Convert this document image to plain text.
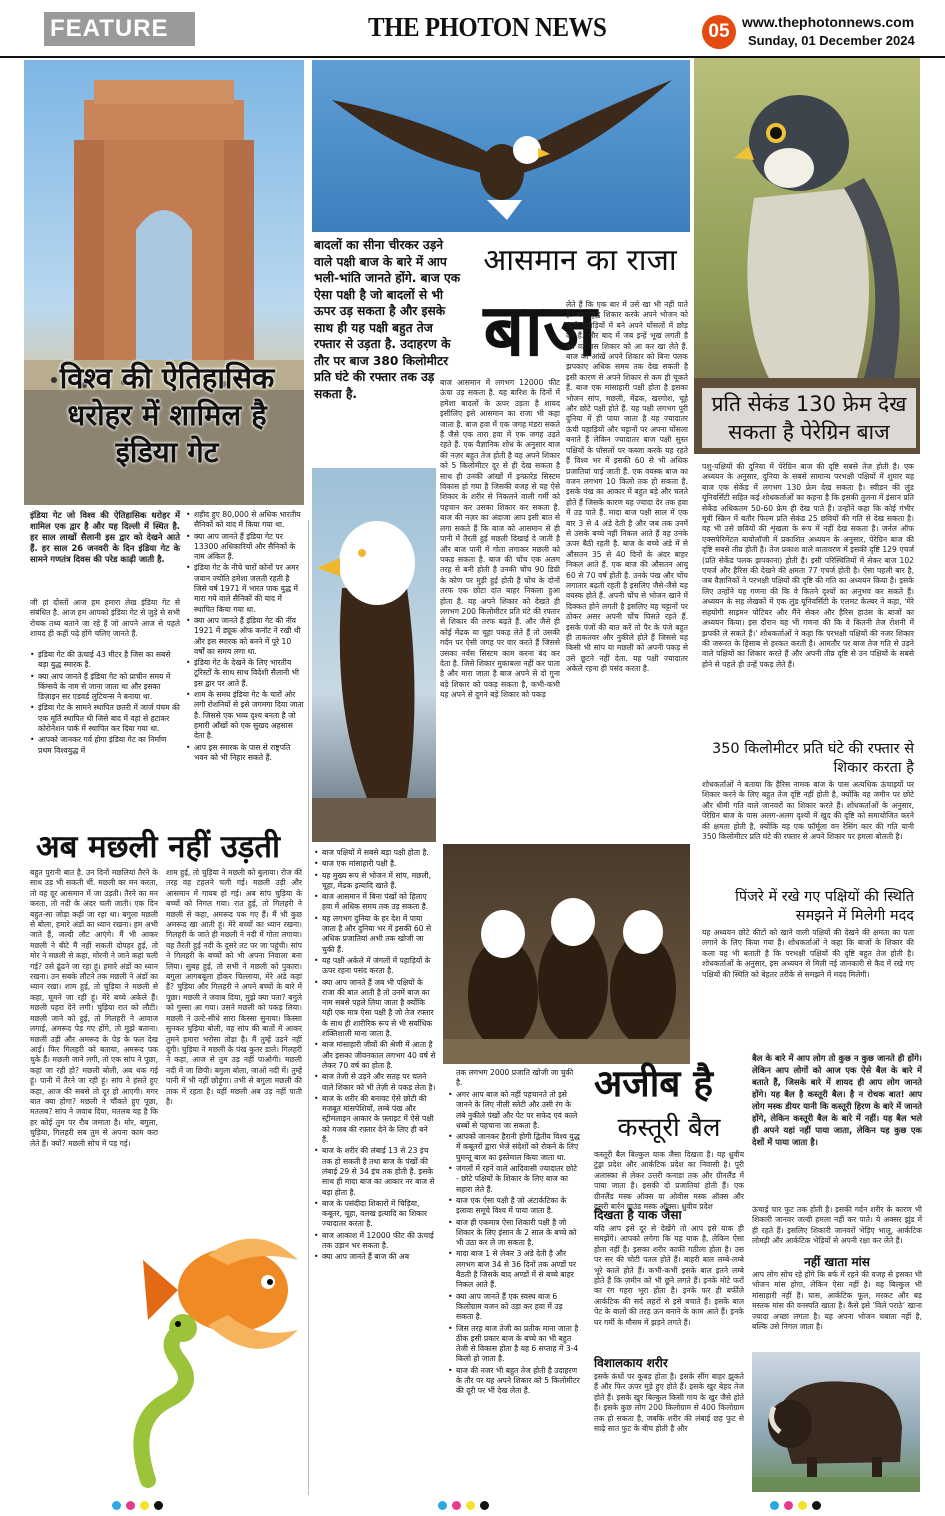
FEATURE	THE PHOTON NEWS	05 www.thephotonnews.com
Sunday, 01 December 2024
विश्व की ऐतिहासिक धरोहर में शामिल है इंडिया गेट
इंडिया गेट जो विश्व की ऐतिहासिक धरोहर में शामिल एक द्वार है और यह दिल्ली में स्थित है. हर साल लाखों सैलानी इस द्वार को देखने आते हैं. हर साल 26 जनवरी के दिन इंडिया गेट के सामने गणतंत्र दिवस की परेड काढ़ी जाती है.
जी हां दोस्तों आज हम हमारा लेख इंडिया गेट से संबंधित है. आज हम आपको इंडिया गेट से जुड़े से सभी रोचक तथ्य बताने जा रहे हैं जो आपने आज से पहले शायद ही कहीं पढ़े होंगे चलिए जानते हैं.
• इंडिया गेट की ऊंचाई 43 मीटर है जिस का सबसे बड़ा युद्ध स्मारक है.
• क्या आप जानते हैं इंडिया गेट को प्राचीन समय में किंग्सवे के नाम से जाना जाता था और इसका डिज़ाइन सर एडवर्ड लुटियन्स ने बनाया था.
• इंडिया गेट के सामने स्थापित छतरी में जार्ज पंचम की एक मूर्ति स्थापित थी जिसे बाद में वहां से हटाकर कोरोनेशन पार्क में स्थापित कर दिया गया था.
• आपको जानकर गर्व होगा इंडिया गेट का निर्माण प्रथम विश्वयुद्ध में
• शहीद हुए 80,000 से अधिक भारतीय सैनिकों को याद में किया गया था.
• क्या आप जानते हैं इंडिया गेट पर 13300 अधिकारियों और सैनिकों के नाम अंकित हैं.
• इंडिया गेट के नीचे चारों कोनों पर अमर जवान ज्योति हमेशा जलती रहती है जिसे वर्ष 1971 में भारत पाक युद्ध में मारा गये वाले सैनिकों की याद में स्थापित किया गया था.
• क्या आप जानते हैं इंडिया गेट की नींव 1921 में ड्यूक ऑफ कनॉट ने रखी थी और इस स्मारक को बनने में पूरे 10 वर्षों का समय लगा था.
• इंडिया गेट के देखने के लिए भारतीय टूरिस्टों के साथ साथ विदेशी सैलानी भी इस द्वार पर आते हैं.
• शाम के समय इंडिया गेट के चारों ओर लगी रोशनियों से इसे जगमगा दिया जाता है. जिससे एक भव्य दृश्य बनता है जो हमारी आँखों को एक सुखद अहसास देता है.
• आप इस स्मारक के पास से राष्ट्रपति भवन को भी निहार सकते हैं.
अब मछली नहीं उड़ती
बहुत पुरानी बात है. उन दिनों मछलियां तैरने के साथ उड़ भी सकती थीं. मछली का मन करता, तो वह दूर आसमान में जा उड़ती। तैरने का मन करता, तो नदी के अंदर चली जाती। एक दिन बहुत-सा जोड़ा कहीं जा रहा था। बगुला मछली से बोला, हमारे अंडों का ध्यान रखना। हम अभी जाते हैं, जल्दी लौट आएंगे। मैं भी आकर मछली ने बीटे मैं नहीं सकती दोपहर हुई, तो मोर ने मछली से कहा, मोरनी ने जाने कहां चली गई? उसे ढूंढने जा रहा हूं। हमारे अंडों का ध्यान रखना। उन सबके लौटने तक मछली ने अंडों का ध्यान रखा। शाम हुई, तो चुड़िया ने मछली से कहा, घूमने जा रही हूं। मेरे बच्चे अकेले हैं। मछली पहरा देने लगी। चुड़िया रात को लौटी। मछली जाने को हुई, तो गिलहरी ने आवाज लगाई, अमरूद पेड़ गए होंगे, तो मुझे बताना। मछली उड़ी और अमरूद के पेड़ के फल देख आई। फिर गिलहरी को बताया, अमरूद पक चुके हैं। मछली जाने लगी, तो एक सांप ने पूछा, कहां जा रही हो? मछली बोली, अब थक गई हूं। पानी में तैरने जा रही हूं। सांप ने हंसते हुए कहा, आज की सबसे तो दूर हो आएगी। मगर बात क्या होगा? मछली ने चौंकते हुए पूछा, मतलब? सांप ने जवाब दिया, मतलब यह है कि हर कोई तुम पर रौब जमाता है। मोर, बगुला, चुड़िया, गिलहरी सब तुम से अपना काम करा लेते हैं। क्यों? मछली सोच में पड़ गई।
शाम हुई, तो चुड़िया ने मछली को बुलाया। रोज की तरह वह टहलने चली गई। मछली उड़ी और आसमान में गायब हो गई। अब सांप चुड़िया के बच्चों को निगल गया। रात हुई, तो गिलहरी ने मछली से कहा, अमरूद पक गए हैं। मैं भी कुछ अमरूद खा आती हूं। मेरे बच्चों का ध्यान रखना। गिलहरी के जाते ही मछली ने नदी में गोता लगाया। वह तैरती हुई नदी के दूसरे तट पर जा पहुंची। सांप ने गिलहरी के बच्चों को भी अपना निवाला बना लिया। सुबह हुई, तो सभी ने मछली को पुकारा। बगुला आगबबूला होकर चिल्लाया, मेरे अंडे कहां हैं? चुड़िया और गिलहरी ने अपने बच्चों के बारे में पूछा। मछली ने जवाब दिया, मुझे क्या पता? बगुले को गुस्सा आ गया। उसने मछली को पकड़ लिया। मछली ने उल्टे-सीधे सारा किस्सा सुनाया। किस्सा सुनकर चुड़िया बोली, वह सांप की बातों में आकर तुमने हमारा भरोसा तोड़ा है। मैं तुम्हें उड़ने नहीं दूंगी। चुड़िया ने मछली के पंख कुतर डाले। गिलहरी ने कहा, आज से तुम उड़ नहीं पाओगी। मछली नदी में जा छिपी। बगुला बोला, जाओ नदी में। तुम्हें पानी में भी नहीं छोड़ूंगा। तभी से बगुला मछली की ताक में रहता है। वहीं मछली अब उड़ नहीं पाती है।
बादलों का सीना चीरकर उड़ने वाले पक्षी बाज के बारे में आप भली-भांति जानते होंगे. बाज एक ऐसा पक्षी है जो बादलों से भी ऊपर उड़ सकता है और इसके साथ ही यह पक्षी बहुत तेज रफ्तार से उड़ता है. उदाहरण के तौर पर बाज 380 किलोमीटर प्रति घंटे की रफ्तार तक उड़ सकता है.
आसमान का राजा
बाज
बाज आसमान में लगभग 12000 फीट ऊंचा उड़ सकता है. यह बारिश के दिनों में हमेशा बादलों के ऊपर उड़ता है शायद इसीलिए इसे आसमान का राजा भी कहा जाता है. बाज हवा में एक जगह मंडरा सकते हैं जैसे एक तारा हवा में एक जगह उड़ते रहते हैं. एक वैज्ञानिक शोध के अनुसार बाज की नज़र बहुत तेज होती है यह अपने शिकार को 5 किलोमीटर दूर से ही देख सकता है साथ ही उनकी आंखों में इन्फ्रारेड सिस्टम विकास हो गया है जिसकी वजह से यह ऐसे शिकार के शरीर से निकलने वाली गर्मी को पहचान कर उसका शिकार कर सकता है. बाज की नज़र का अंदाजा आप इसी बात से लगा सकते हैं कि बाज को आसमान से ही पानी में तैरती हुई मछली दिखाई दे जाती है और बाज पानी में गोता लगाकर मछली को पकड़ सकता है. बाज की चोंच एक अलग तरह से बनी होती है उनकी चोंच 90 डिग्री के कोण पर मुड़ी हुई होती है चोंच के दोनों तरफ एक छोटा दांत बाहर निकला हुआ होता है. यह अपने शिकार को देखते ही लगभग 200 किलोमीटर प्रति घंटे की रफ्तार से शिकार की तरफ बढ़ते हैं. और जैसे ही कोई मेंढक या चूहा पकड़ लेते हैं तो उसकी गर्दन पर ऐसी जगह पर वार करते हैं जिससे उसका नर्वस सिस्टम काम करना बंद कर देता है. जिसे शिकार मुकाबला नहीं कर पाता है और मारा जाता है बाज अपने से दो गुना बड़े शिकार को पकड़ सकता है, कभी-कभी यह अपने से दुगने बड़े शिकार को पकड़
लेते हैं कि एक बार में उसे खा भी नहीं पाते हैं. अंधड़वृद्ध शिकार करके अपने भोजन को ऊंची पहाड़ियों में बने अपने घोंसलों में छोड़ देते हैं. और बाद में जब इन्हें भूख लगती है तब वह उस शिकार को आ कर खा लेते हैं. बाज की आंखें अपने शिकार को बिना पलक झपकाए अधिक समय तक देख सकती है इसी कारण से अपने शिकार से कम ही चूकते हैं. बाज एक मांसाहारी पक्षी होता है इसका भोजन सांप, मछली, मेंढक, खरगोश, चूहे और छोटे पक्षी होते हैं. यह पक्षी लगभग पूरी दुनिया में ही पाया जाता है यह ज्यादातर ऊंची पहाड़ियों और चट्टानों पर अपना घोंसला बनाते हैं लेकिन ज्यादातर बाज पक्षी सुस्त पक्षियों के घोंसलों पर कब्जा करके यह रहते हैं विश्व भर में इसकी 60 से भी अधिक प्रजातियां पाई जाती हैं. एक वयस्क बाज का वजन लगभग 10 किलो तक हो सकता है. इसके पंख का आकार में बहुत बड़े और चलते होते हैं जिसके कारण यह ज्यादा देर तक हवा में उड़ पाते हैं. मादा बाज पक्षी साल में एक बार 3 से 4 अंडे देती है और जब तक उनमें से उसके बच्चे नहीं निकल आते हैं वह उनके ऊपर बैठी रहती है. बाज के बच्चे अंडे में से औसतन 35 से 40 दिनों के अंदर बाहर निकल आते हैं. एक बाज की औसतन आयु 60 से 70 वर्ष होती है. उनके पंख और चोंच लगातार बढ़ती रहती है इसलिए जैसे-जैसे यह वयस्क होते हैं. अपनी चोंच से भोजन खाने में दिक्कत होने लगती है इसलिए यह चट्टानों पर ठोकर असर अपनी चोंच घिसते रहते हैं. इसके पंजों की बात करें तो पैर के पंजे बहुत ही ताकतवर और नुकीले होते हैं जिससे यह किसी भी सांप या मछली को अपनी पकड़ से उसे छूटने नहीं देता. यह पक्षी ज्यादातर अकेले रहना ही पसंद करता है.
• बाज पक्षियों में सबसे बड़ा पक्षी होता है.
• बाज एक मांसाहारी पक्षी है.
• यह मुख्य रूप से भोजन में सांप, मछली, चूहा, मेंढक इत्यादि खाते हैं.
• बाज आसमान में बिना पंखों को हिलाए हवा में अधिक समय तक उड़ सकता है.
• यह लगभग दुनिया के हर देश में पाया जाता है और दुनिया भर में इसकी 60 से अधिक प्रजातियां अभी तक खोजी जा चुकी हैं.
• यह पक्षी अकेले में जंगलों में पहाड़ियों के ऊपर रहना पसंद करता है.
• क्या आप जानते हैं जब भी पक्षियों के राजा की बात आती है तो उनमें बाज का नाम सबसे पहले लिया जाता है क्योंकि यही एक मात्र ऐसा पक्षी है जो तेज रफ्तार के साथ ही शारीरिक रूप से भी सर्वाधिक शक्तिशाली माना जाता है.
• बाज मांसाहारी जीवों की श्रेणी में आता है और इसका जीवनकाल लगभग 40 वर्ष से लेकर 70 वर्ष का होता है.
• बाज तेजी से उड़ने और सतह पर चलने वाले शिकार को भी तेज़ी से पकड़ लेता है।
• बाज के शरीर की बनावट ऐसे छोटी की मजबूत मांसपेशियों, लम्बे पंख और स्ट्रीमलाइन आकार के फ़्लाइट में ऐसे पक्षी को गजब की रफ़्तार देने के लिए ही बने हैं.
• बाज के शरीर की लंबाई 13 से 23 इंच तक हो सकती है तथा बाज के पंखों की लंबाई 29 से 34 इंच तक होती है. इसके साथ ही मादा बाज का आकार नर बाज से बड़ा होता है.
• बाज के पसंदीदा शिकारों में चिड़िया, कबूतर, चूहा, वलख इत्यादि का शिकार ज्यादातर करता है.
• बाज आकाश में 12000 फीट की ऊंचाई तक उड़ान भर सकता है.
• क्या आप जानते हैं बाज की अब
तक लगभग 2000 प्रजाति खोजी जा चुकी है.
• अगर आप बाज को नहीं पहचानते तो इसे जानने के लिए नीली स्लेटी और उसी रंग के लंबे नुकीले पंखों और पेट पर सफेद एवं काले धब्बों से पहचाना जा सकता है.
• आपको जानकर हैरानी होगी द्वितीय विश्व युद्ध में कबूतरों द्वारा भेजे संदेशों को रोकने के लिए घुमन्तू बाज का इस्तेमाल किया जाता था.
• जंगलों में रहने वाले आदिवासी ज्यादातर छोटे - छोटे पक्षियों के शिकार के लिए बाज का सहारा लेते हैं.
• बाज एक ऐसा पक्षी है जो अंटार्कटिका के इलावा समूचे विश्व में पाया जाता है.
• बाज ही एकमात्र ऐसा शिकारी पक्षी है जो शिकार के लिए इंसान के 2 साल के बच्चे को भी उठा कर ले जा सकता है.
• मादा बाज 1 से लेकर 3 अंडे देती है और लगभग बाज 34 से 36 दिनों तक अण्डों पर बैठती है जिसके बाद अण्डों में से बच्चे बाहर निकल आते हैं.
• क्या आप जानते हैं एक स्वस्थ बाज 6 किलोग्राम वजन को उड़ा कर हवा में उड़ सकता है.
• जिस तरह बाज तेजी का प्रतीक माना जाता है ठीक इसी प्रकार बाज के बच्चे का भी बहुत तेजी से विकास होता है यह 6 सप्ताह में 3-4 किलो हो जाता है.
• बाज की नजर भी बहुत तेज होती है उदाहरण के तौर पर यह अपने शिकार को 5 किलोमीटर की दूरी पर भी देख लेता है.
प्रति सेकंड 130 फ्रेम देख सकता है पेरेग्रिन बाज
पशु-पक्षियों की दुनिया में पेरेग्रिन बाज की दृष्टि सबसे तेज होती है। एक अध्ययन के अनुसार, दुनिया के सबसे सामान्य परभक्षी पक्षियों में शुमार यह बाज एक सेकेंड में लगभग 130 फ्रेम देख सकता है। स्वीडन की लुंड यूनिवर्सिटी सहित कई शोधकर्ताओं का कहना है कि इसकी तुलना में इंसान प्रति सेकेंड अधिकतम 50-60 फ्रेम ही देख पाते हैं। उन्होंने कहा कि कोई गंभीर मूवी स्क्रिन में बतौर फिल्म प्रति सेकंड 25 छवियों की गति से देख सकता है। वह भी उसे छवियों की शृंखला के रूप में नहीं देख सकता है। जर्नल ऑफ एक्सपेरिमेंटल बायोलॉजी में प्रकाशित अध्ययन के अनुसार, पेरेग्रिन बाज की दृष्टि सबसे तीव्र होती है। तेज प्रकाश वाले वातावरण में इसकी दृष्टि 129 एचर्ज (प्रति सेकेंड पलक झपकाना) होती है। इसी परिस्थितियों में सेकर बाज 102 एचर्ज और हैरिस की देखने की क्षमता 77 एचर्ज होती है। ऐसा पहली बार है, जब वैज्ञानिकों ने परभक्षी पक्षियों की दृष्टि की गति का अध्ययन किया है। इसके लिए उन्होंने यह गणना की कि वे कितने दृश्यों का अनुभव कर सकते हैं। अध्ययन के सह लेखकों में एक लुंड यूनिवर्सिटी के एलमट केल्बर ने कहा, 'मेरे सहयोगी साइमन पोटियर और मैंने सेकर और हैरिस हाउंस के बाजों का अध्ययन किया। इस दौरान यह भी गणना की कि वे कितनी तेज रोशनी में झपकी ले सकते हैं।' शोधकर्ताओं ने कहा कि परभक्षी पक्षियों की नजर शिकार की जरूरत के हिसाब से हरकत करती है। आमतौर पर बाज तेज गति से उड़ने वाले पक्षियों का शिकार करते हैं और अपनी तीव्र दृष्टि से उन पक्षियों के सबसे होने से पहले ही उन्हें पकड़ लेते हैं।
350 किलोमीटर प्रति घंटे की रफ्तार से शिकार करता है
शोधकर्ताओं ने बताया कि हैरिस नामक बाज के पास अत्यधिक ऊंचाइयों पर शिकार करने के लिए बहुत तेज दृष्टि नहीं होती है, क्योंकि वह जमीन पर छोटे और धीमी गति वाले जानवरों का शिकार करते हैं। शोधकर्ताओं के अनुसार, पेरेग्रिन बाज के पास अलग-अलग दृश्यों में खुद की दृष्टि को समायोजित करने की क्षमता होती है, क्योंकि यह एक फॉर्मूला वन रेसिंग कार की गति यानी 350 किलोमीटर प्रति घंटे की रफ्तार से अपने शिकार पर हमला बोलती है।
पिंजरे में रखे गए पक्षियों की स्थिति समझने में मिलेगी मदद
यह अध्ययन छोटे कीटों को खाने वाली पक्षियों की देखने की क्षमता का पता लगाने के लिए किया गया है। शोधकर्ताओं ने कहा कि बाजों के शिकार की कला यह भी बताती है कि परभक्षी पक्षियों की दृष्टि बहुत तेज होती है। शोधकर्ताओं के अनुसार, इस अध्ययन से मिली नई जानकारी से कैद में रखे गए पक्षियों की स्थिति को बेहतर तरीके से समझने में मदद मिलेगी।
अजीब है
कस्तूरी बैल
बैल के बारे में आप लोग तो कुछ न कुछ जानते ही होंगे। लेकिन आप लोगों को आज एक ऐसे बैल के बारे में बताते हैं, जिसके बारे में शायद ही आप लोग जानते होंगे। यह बैल है कस्तूरी बैल। है न रोचक बात! आप लोग मस्क डीयर यानी कि कस्तूरी हिरण के बारे में जानते होंगे, लेकिन कस्तूरी बैल के बारे में नहीं। यह बैल भले ही अपने यहां नहीं पाया जाता, लेकिन यह कुछ एक देशों में पाया जाता है।
कस्तूरी बैल बिल्कुल याक जैसा दिखता है। यह ध्रुवीय टुंड्रा प्रदेश और आर्कटिक प्रदेश का निवासी है। पूरी अलास्का से लेकर उत्तरी कनाडा तक और ग्रीनलैंड में पाया जाता है। इसकी दो प्रजातियां होती हैं। एक ग्रीनलैंड मस्क ऑक्स या ओवीस मस्क ऑक्स और दूसरी बार्रन ग्राउंड मस्क ऑक्स। ध्रुवीय प्रदेश
दिखता है याक जैसा
यदि आप इसे दूर से देखेंगे तो आप इसे याक ही समझेंगे। आपको लगेगा कि यह याक है, लेकिन ऐसा होता नहीं है। इसका शरीर काफी गठीला होता है। उस पर सर की चोटी पतल होते हैं। बाहरी बाल लम्बे-लम्बे भूरे काले होते हैं। कभी-कभी इसके बाल इतने लम्बे होते हैं कि ज़मीन को भी छूने लगते हैं। इनके मोटे फरों का रंग गहरा भूरा होता है। इनके फर ही बर्फीले आर्कटिक की सर्द लहरों से इसे बचाते हैं। इसके बाल पेट के बालों की तरह ऊन बनाने के काम आते हैं। इनके घर गर्मी के मौसम में झड़ने लगते हैं।
विशालकाय शरीर
इसके कंधों पर कूबड़ होता है। इसके सींग बाहर झुकते हैं और फिर ऊपर मुड़े हुए होते हैं। इसके खुर बेहद तेज होते हैं। इसके खुर बिल्कुल किसी गाय के खुर जैसे होते हैं। इसके कुछ लोग 200 किलोग्राम से 400 किलोग्राम तक हो सकता है, जबकि शरीर की लंबाई छह फुट से साढ़े सात फुट के बीच होती है और
ऊंचाई चार फुट तक होती है। इसकी गर्दन शरीर के कारण भी शिकारी जानवर जल्दी हमला नहीं कर पाते। ये अक्सर झुंड में ही रहते हैं। इसलिए शिकारी जानवरों भेड़िए भालू, आर्कटिक लोमड़ी और आर्कटिक भेड़ियों से अपनी रक्षा कर लेते हैं।
नहीं खाता मांस
आप लोग सोच रहे होंगे कि बर्फ में रहने की वजह से इसका भी भोजन मांस होगा, लेकिन ऐसा नहीं है। यह बिल्कुल भी मांसाहारी नहीं है। घास, आर्कटिक फूल, मरकट और बड़ मस्तक मांस की वनस्पति खाता है। कैसे इसे ‘विले पराठे’ खाना ज्यादा अच्छा लगता है। यह अपना भोजन चबाता नहीं है, बल्कि उसे निगल जाता है।
